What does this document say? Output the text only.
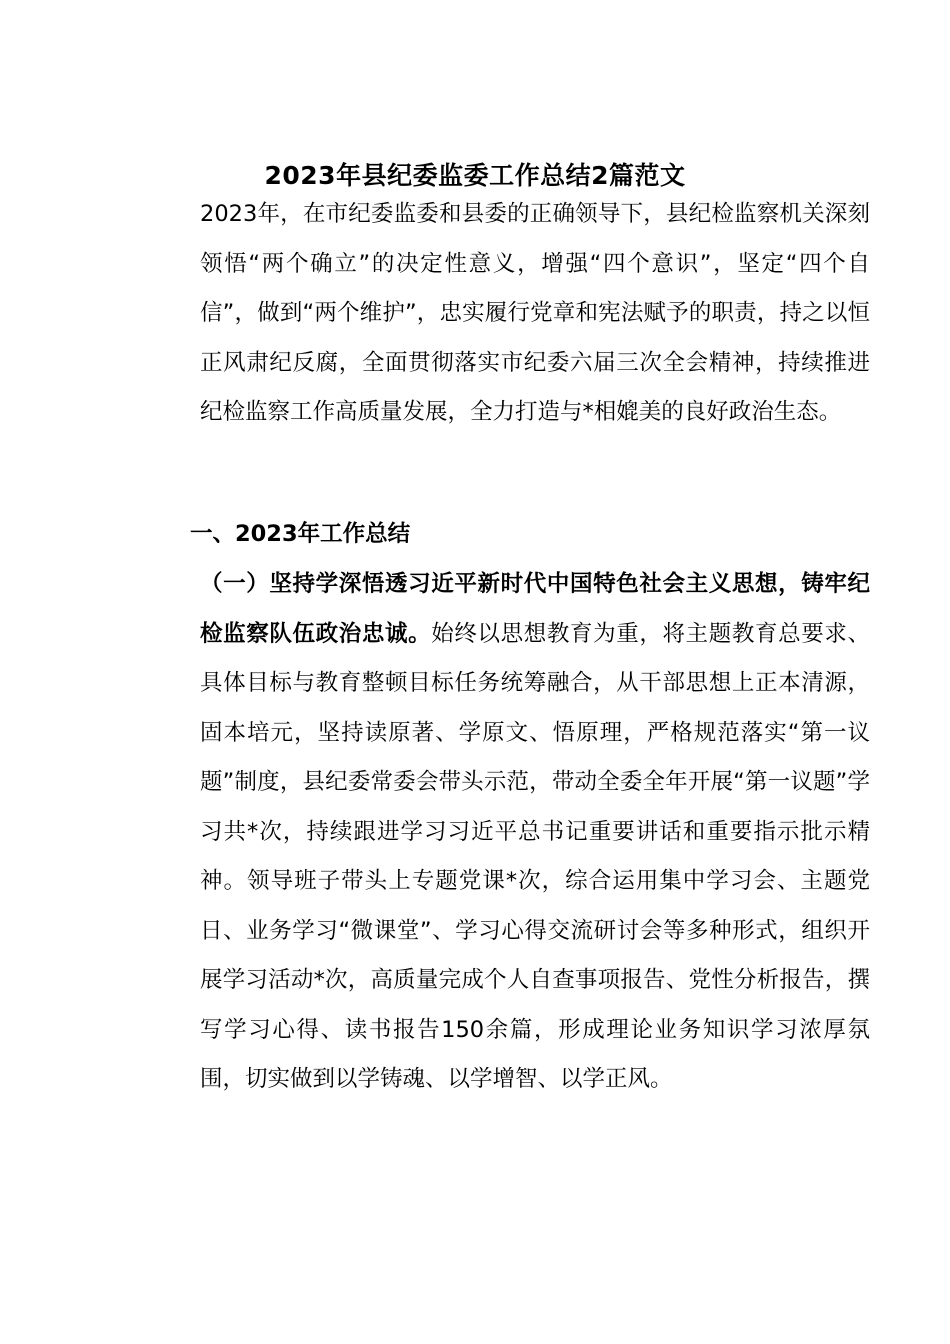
2023年县纪委监委工作总结2篇范文

2023年，在市纪委监委和县委的正确领导下，县纪检监察机关深刻领悟“两个确立”的决定性意义，增强“四个意识”，坚定“四个自信”，做到“两个维护”，忠实履行党章和宪法赋予的职责，持之以恒正风肃纪反腐，全面贯彻落实市纪委六届三次全会精神，持续推进纪检监察工作高质量发展，全力打造与*相媲美的良好政治生态。

一、2023年工作总结

（一）坚持学深悟透习近平新时代中国特色社会主义思想，铸牢纪检监察队伍政治忠诚。始终以思想教育为重，将主题教育总要求、具体目标与教育整顿目标任务统筹融合，从干部思想上正本清源，固本培元，坚持读原著、学原文、悟原理，严格规范落实“第一议题”制度，县纪委常委会带头示范，带动全委全年开展“第一议题”学习共*次，持续跟进学习习近平总书记重要讲话和重要指示批示精神。领导班子带头上专题党课*次，综合运用集中学习会、主题党日、业务学习“微课堂”、学习心得交流研讨会等多种形式，组织开展学习活动*次，高质量完成个人自查事项报告、党性分析报告，撰写学习心得、读书报告150余篇，形成理论业务知识学习浓厚氛围，切实做到以学铸魂、以学增智、以学正风。
